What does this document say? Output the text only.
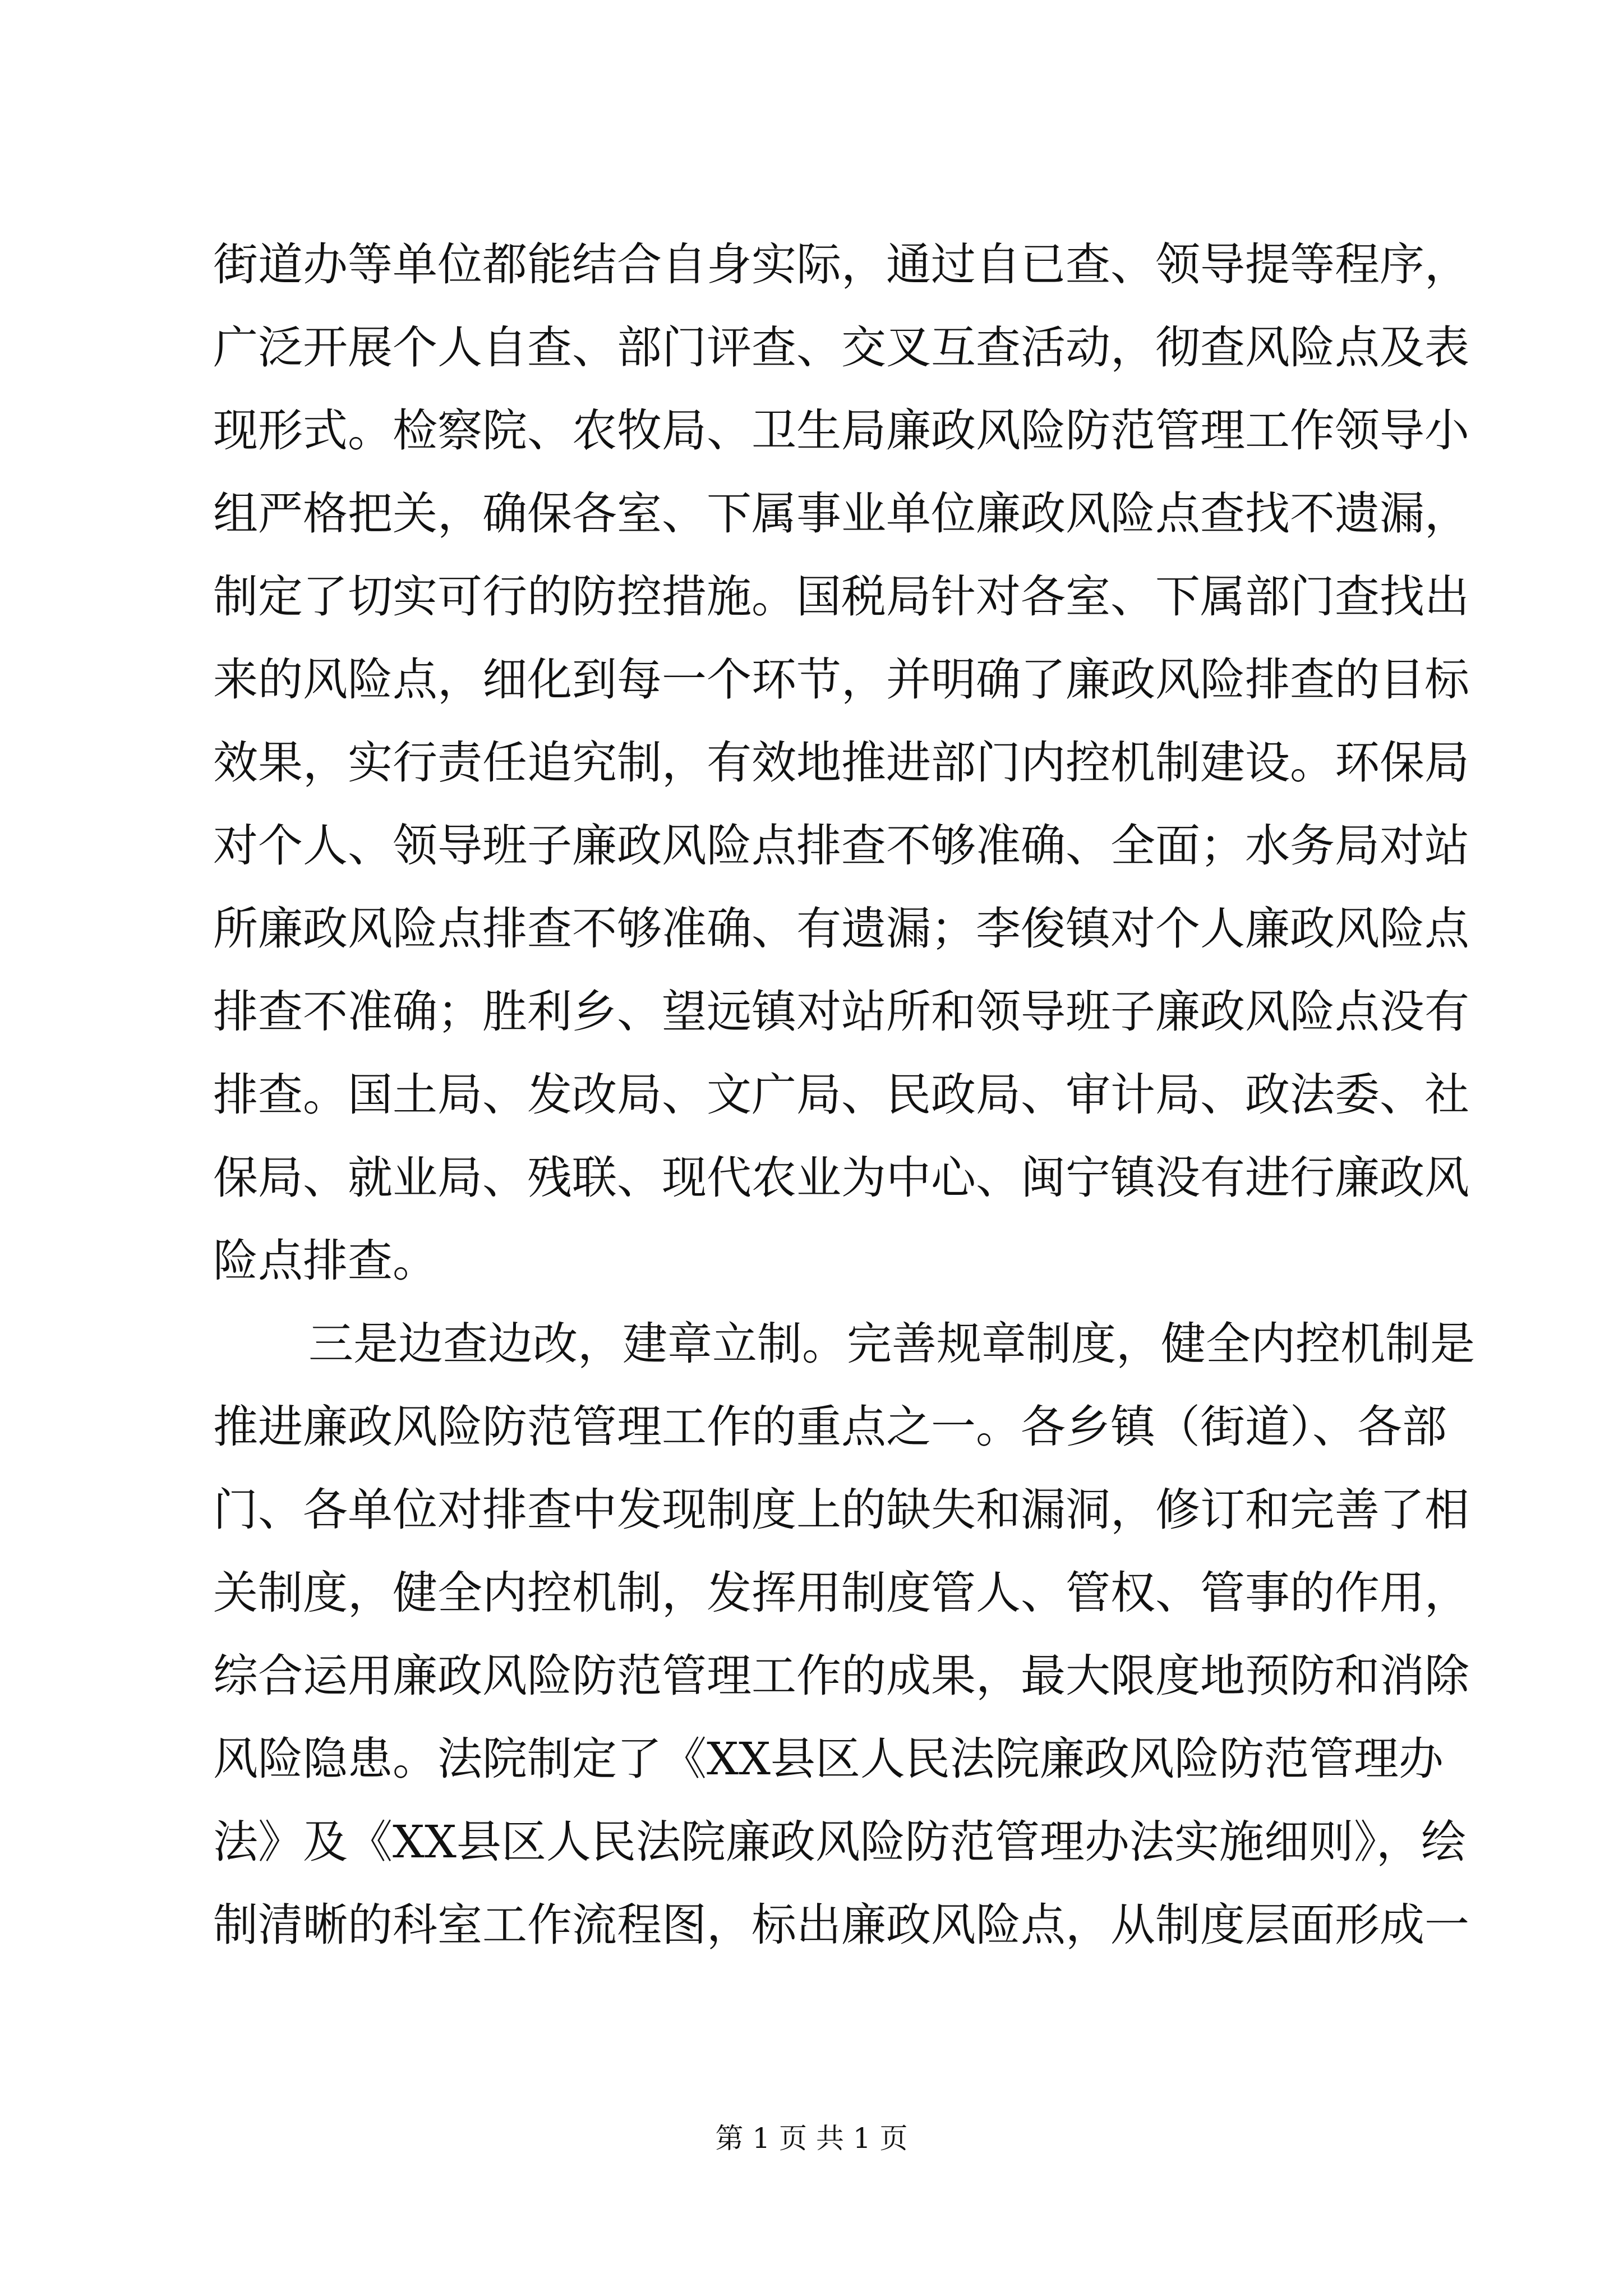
街道办等单位都能结合自身实际，通过自已查、领导提等程序，
广泛开展个人自查、部门评查、交叉互查活动，彻查风险点及表
现形式。检察院、农牧局、卫生局廉政风险防范管理工作领导小
组严格把关，确保各室、下属事业单位廉政风险点查找不遗漏，
制定了切实可行的防控措施。国税局针对各室、下属部门查找出
来的风险点，细化到每一个环节，并明确了廉政风险排查的目标
效果，实行责任追究制，有效地推进部门内控机制建设。环保局
对个人、领导班子廉政风险点排查不够准确、全面；水务局对站
所廉政风险点排查不够准确、有遗漏；李俊镇对个人廉政风险点
排查不准确；胜利乡、望远镇对站所和领导班子廉政风险点没有
排查。国土局、发改局、文广局、民政局、审计局、政法委、社
保局、就业局、残联、现代农业为中心、闽宁镇没有进行廉政风
险点排查。
三是边查边改，建章立制。完善规章制度，健全内控机制是
推进廉政风险防范管理工作的重点之一。各乡镇（街道）、各部
门、各单位对排查中发现制度上的缺失和漏洞，修订和完善了相
关制度，健全内控机制，发挥用制度管人、管权、管事的作用，
综合运用廉政风险防范管理工作的成果，最大限度地预防和消除
风险隐患。法院制定了《XX县区人民法院廉政风险防范管理办
法》及《XX县区人民法院廉政风险防范管理办法实施细则》，绘
制清晰的科室工作流程图，标出廉政风险点，从制度层面形成一
第 1 页 共 1 页
